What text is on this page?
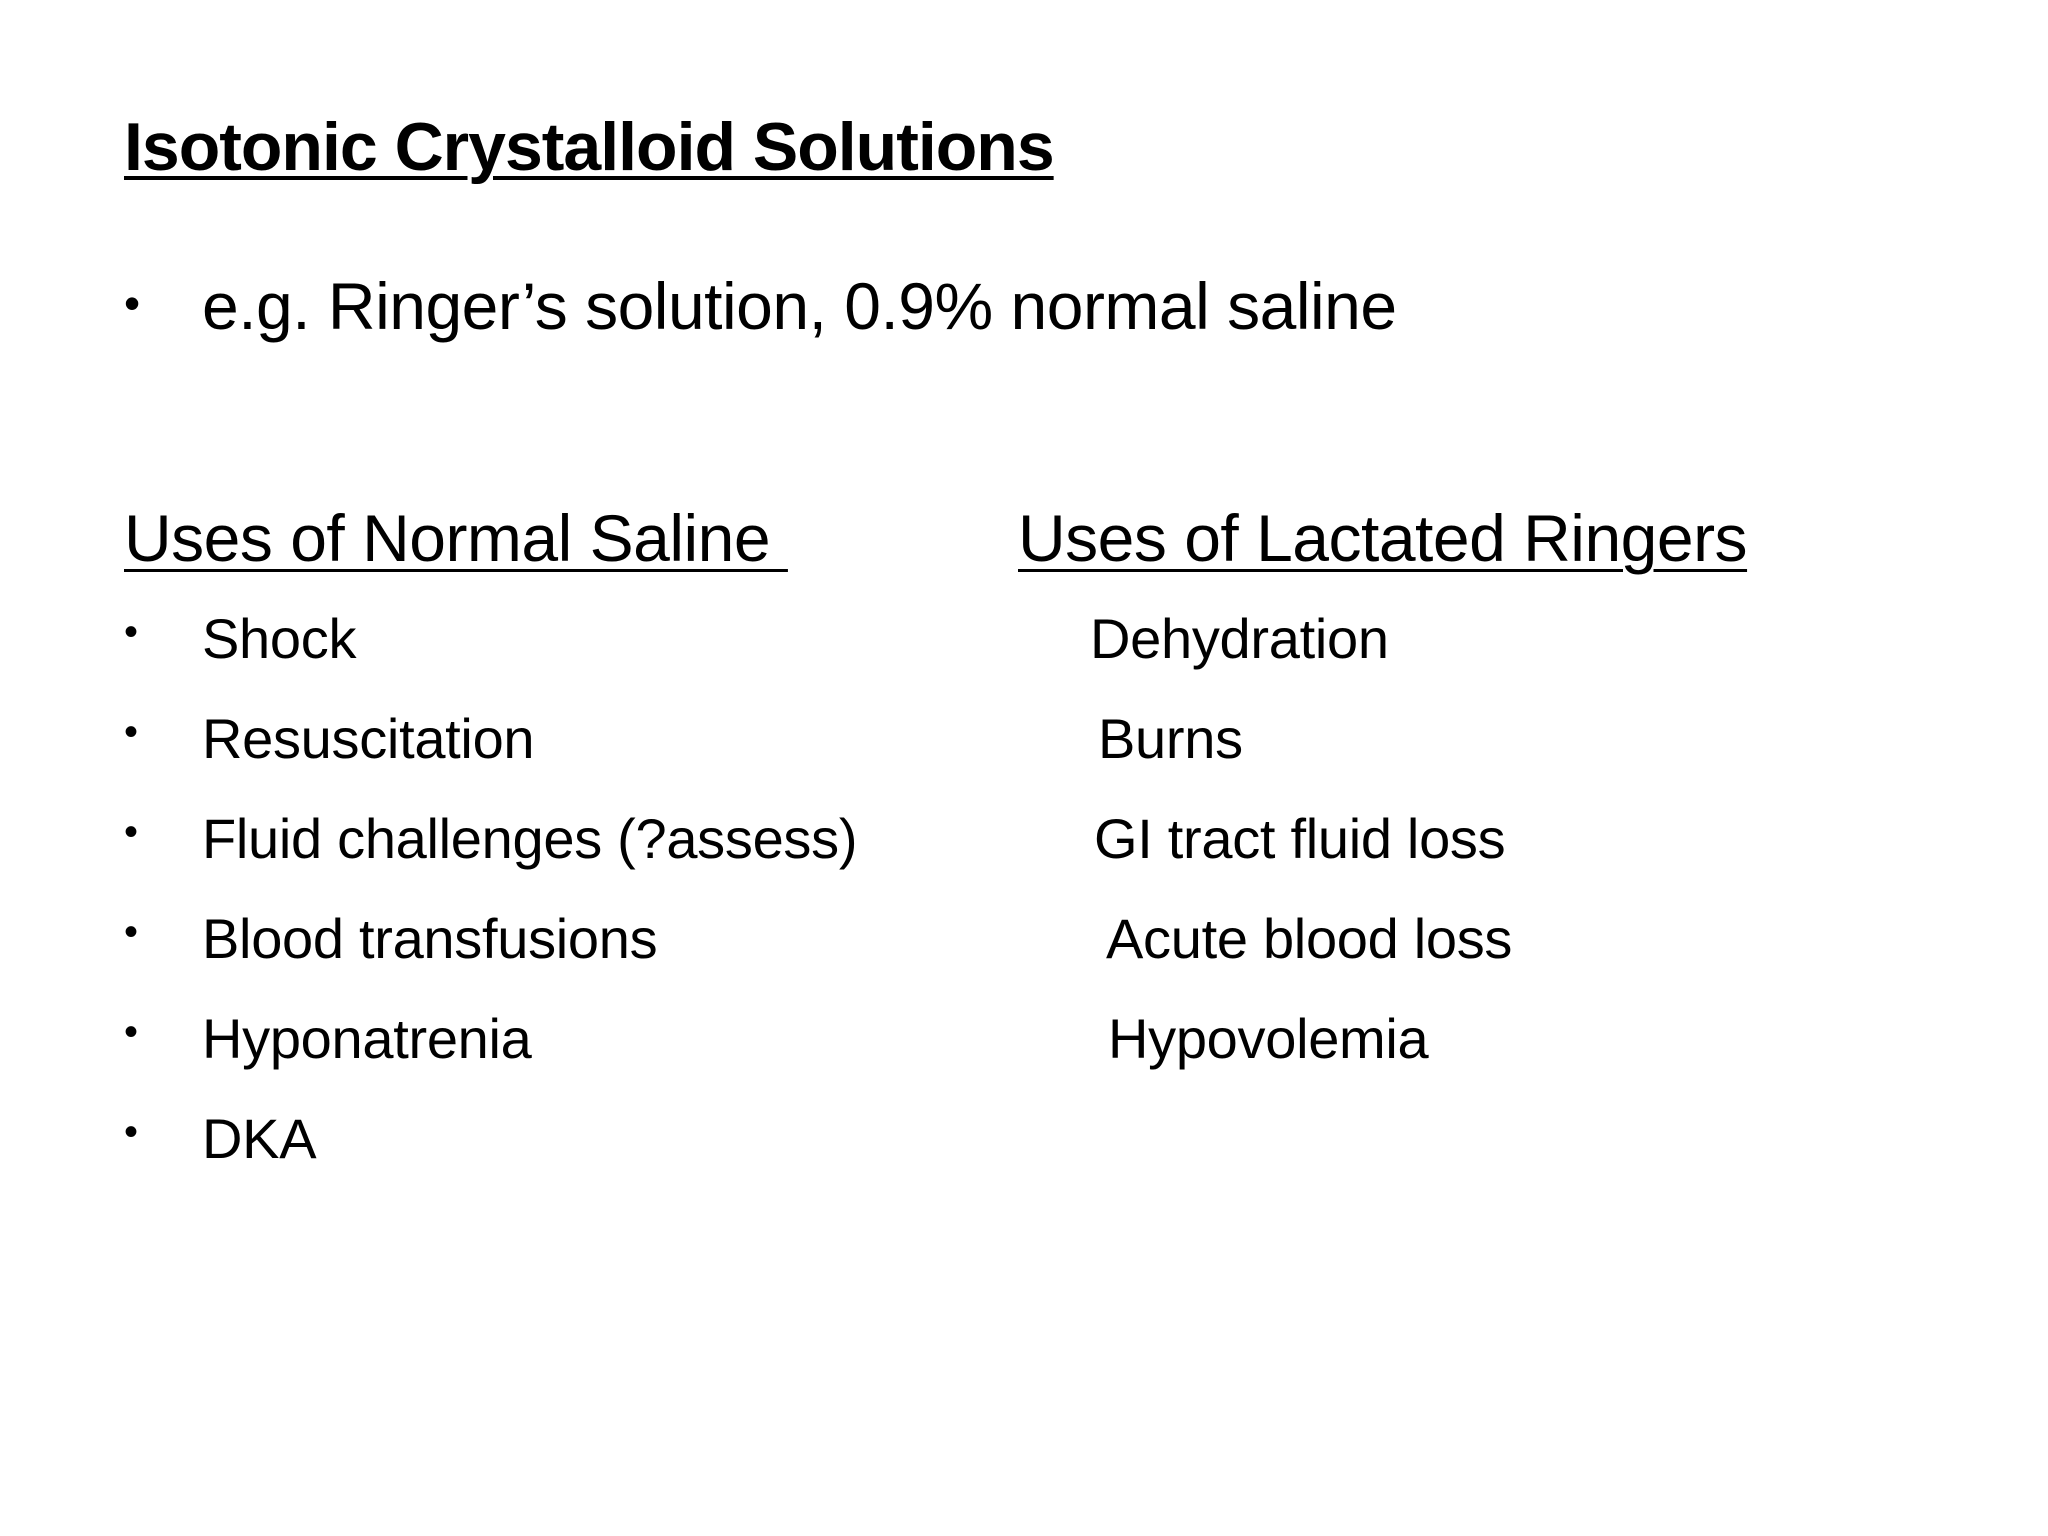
Isotonic Crystalloid Solutions
• e.g. Ringer’s solution, 0.9% normal saline
Uses of Normal Saline	Uses of Lactated Ringers
• Shock
• Resuscitation
• Fluid challenges (?assess)
• Blood transfusions
• Hyponatrenia
• DKA
Dehydration
Burns
GI tract fluid loss
Acute blood loss
Hypovolemia
